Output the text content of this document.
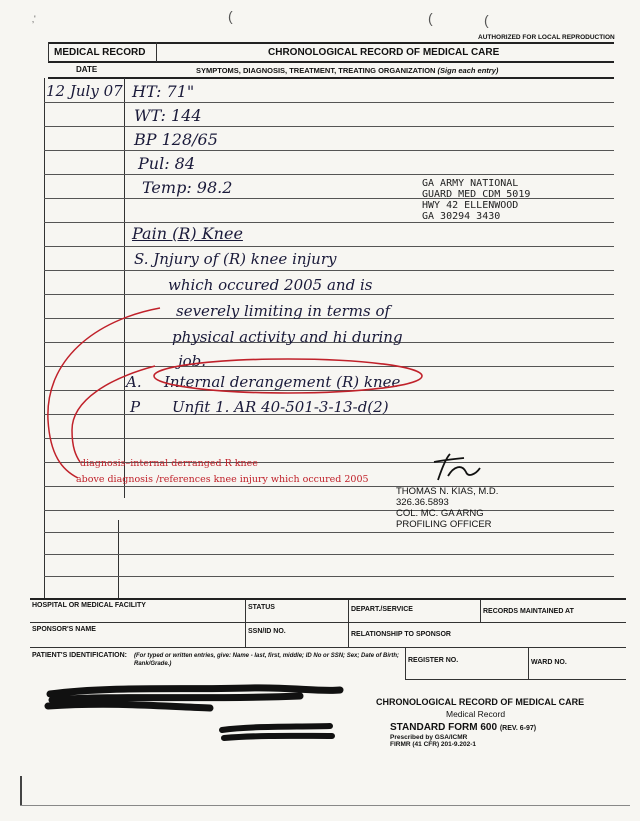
‚'	(	(	(
AUTHORIZED FOR LOCAL REPRODUCTION
MEDICAL RECORD	CHRONOLOGICAL RECORD OF MEDICAL CARE
DATE	SYMPTOMS, DIAGNOSIS, TREATMENT, TREATING ORGANIZATION (Sign each entry)
12 July 07 HT: 71"
WT: 144
BP 128/65
Pul: 84
Temp: 98.2	GA ARMY NATIONAL
GUARD MED CDM 5019
HWY 42 ELLENWOOD
GA 30294 3430
Pain (R) Knee
S. Jnjury of (R) knee injury
which occured 2005 and is
severely limiting in terms of
physical activity and hi during
job.
A. Internal derangement (R) knee
P Unfit 1. AR 40-501-3-13-d(2)
diagnosis–internal derranged R knee
above diagnosis /references knee injury which occured 2005
THOMAS N. KIAS, M.D.
326.36.5893
COL. MC. GA ARNG
PROFILING OFFICER
HOSPITAL OR MEDICAL FACILITY	STATUS	DEPART./SERVICE	RECORDS MAINTAINED AT
SPONSOR'S NAME	SSN/ID NO.	RELATIONSHIP TO SPONSOR
PATIENT'S IDENTIFICATION: (For typed or written entries, give: Name - last, first, middle; ID No or SSN; Sex; Date of Birth; Rank/Grade.)	REGISTER NO.	WARD NO.
CHRONOLOGICAL RECORD OF MEDICAL CARE
Medical Record
STANDARD FORM 600 (REV. 6-97)
Prescribed by GSA/ICMR
FIRMR (41 CFR) 201-9.202-1
